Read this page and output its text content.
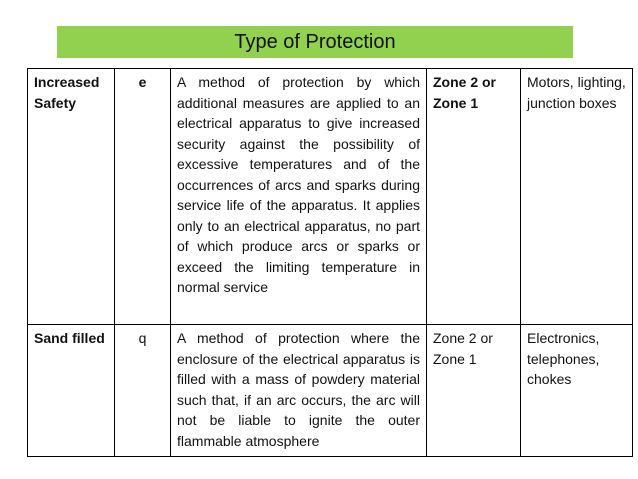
Type of Protection
Increased Safety	e	A method of protection by which additional measures are applied to an electrical apparatus to give increased security against the possibility of excessive temperatures and of the occurrences of arcs and sparks during service life of the apparatus. It applies only to an electrical apparatus, no part of which produce arcs or sparks or exceed the limiting temperature in normal service	Zone 2 or Zone 1	Motors, lighting, junction boxes
Sand filled	q	A method of protection where the enclosure of the electrical apparatus is filled with a mass of powdery material such that, if an arc occurs, the arc will not be liable to ignite the outer flammable atmosphere	Zone 2 or Zone 1	Electronics, telephones, chokes
